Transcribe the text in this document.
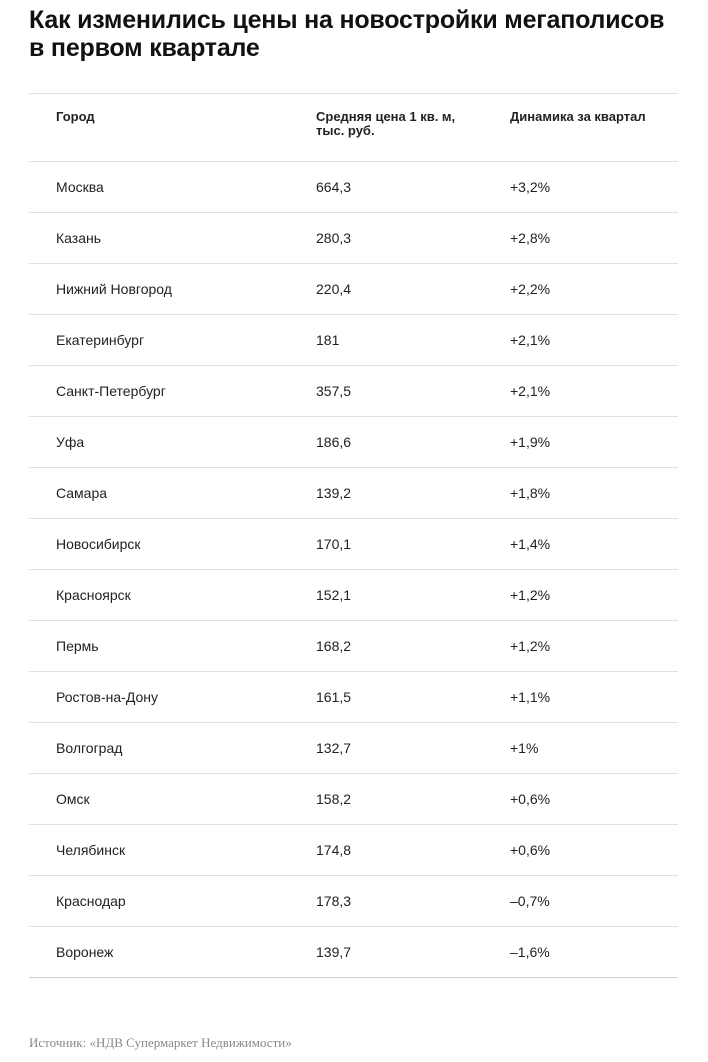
Как изменились цены на новостройки мегаполисов в первом квартале
Город	Средняя цена 1 кв. м, тыс. руб.	Динамика за квартал
Москва	664,3	+3,2%
Казань	280,3	+2,8%
Нижний Новгород	220,4	+2,2%
Екатеринбург	181	+2,1%
Санкт-Петербург	357,5	+2,1%
Уфа	186,6	+1,9%
Самара	139,2	+1,8%
Новосибирск	170,1	+1,4%
Красноярск	152,1	+1,2%
Пермь	168,2	+1,2%
Ростов-на-Дону	161,5	+1,1%
Волгоград	132,7	+1%
Омск	158,2	+0,6%
Челябинск	174,8	+0,6%
Краснодар	178,3	–0,7%
Воронеж	139,7	–1,6%
Источник: «НДВ Супермаркет Недвижимости»
